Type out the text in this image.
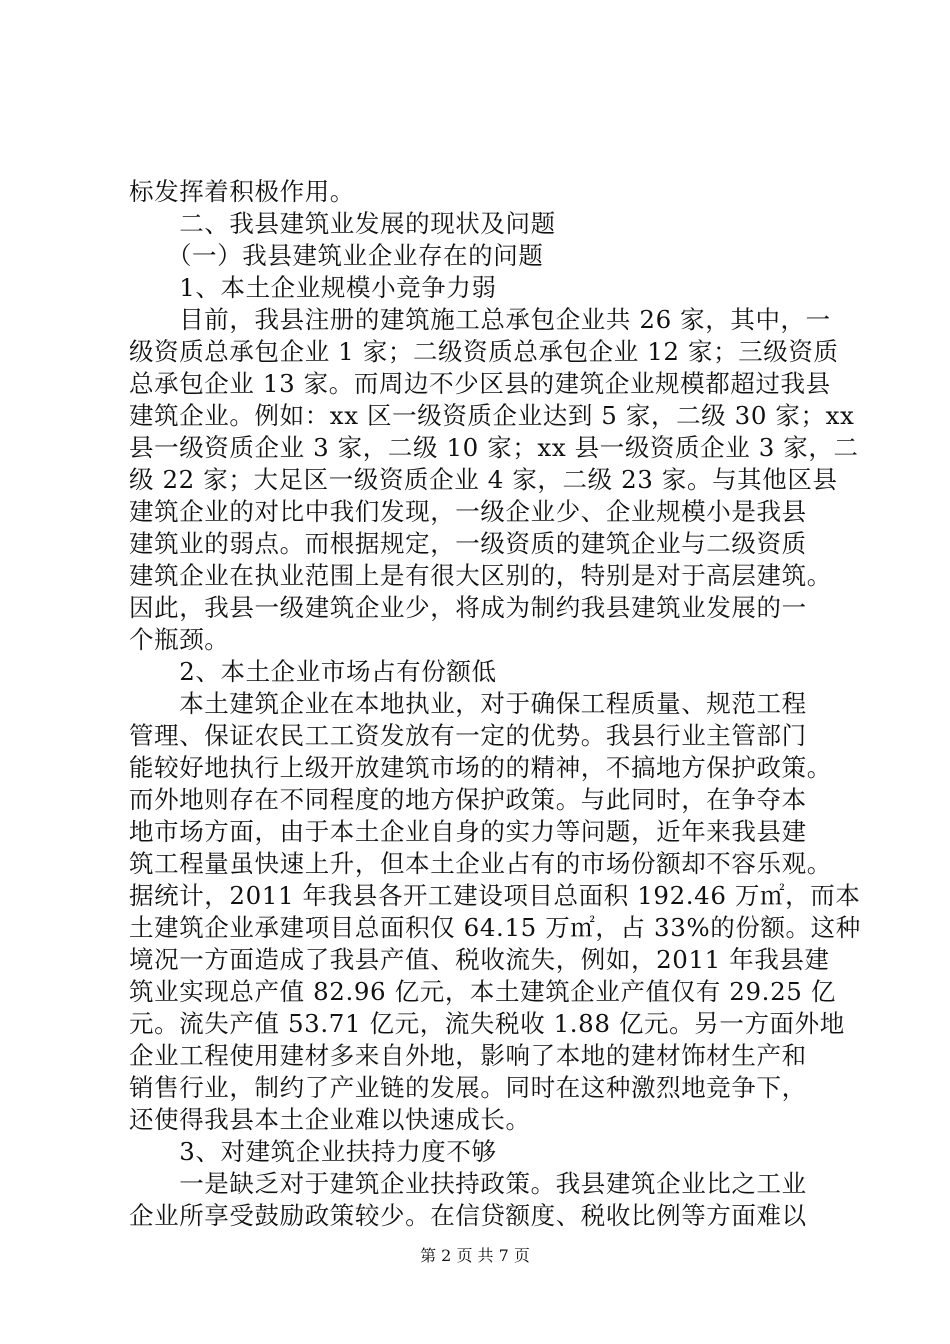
标发挥着积极作用。
　　二、我县建筑业发展的现状及问题
　　（一）我县建筑业企业存在的问题
　　1、本土企业规模小竞争力弱
　　目前，我县注册的建筑施工总承包企业共 26 家，其中，一
级资质总承包企业 1 家；二级资质总承包企业 12 家；三级资质
总承包企业 13 家。而周边不少区县的建筑企业规模都超过我县
建筑企业。例如：xx 区一级资质企业达到 5 家，二级 30 家；xx
县一级资质企业 3 家，二级 10 家；xx 县一级资质企业 3 家，二
级 22 家；大足区一级资质企业 4 家，二级 23 家。与其他区县
建筑企业的对比中我们发现，一级企业少、企业规模小是我县
建筑业的弱点。而根据规定，一级资质的建筑企业与二级资质
建筑企业在执业范围上是有很大区别的，特别是对于高层建筑。
因此，我县一级建筑企业少，将成为制约我县建筑业发展的一
个瓶颈。
　　2、本土企业市场占有份额低
　　本土建筑企业在本地执业，对于确保工程质量、规范工程
管理、保证农民工工资发放有一定的优势。我县行业主管部门
能较好地执行上级开放建筑市场的的精神，不搞地方保护政策。
而外地则存在不同程度的地方保护政策。与此同时，在争夺本
地市场方面，由于本土企业自身的实力等问题，近年来我县建
筑工程量虽快速上升，但本土企业占有的市场份额却不容乐观。
据统计，2011 年我县各开工建设项目总面积 192.46 万㎡，而本
土建筑企业承建项目总面积仅 64.15 万㎡，占 33%的份额。这种
境况一方面造成了我县产值、税收流失，例如，2011 年我县建
筑业实现总产值 82.96 亿元，本土建筑企业产值仅有 29.25 亿
元。流失产值 53.71 亿元，流失税收 1.88 亿元。另一方面外地
企业工程使用建材多来自外地，影响了本地的建材饰材生产和
销售行业，制约了产业链的发展。同时在这种激烈地竞争下，
还使得我县本土企业难以快速成长。
　　3、对建筑企业扶持力度不够
　　一是缺乏对于建筑企业扶持政策。我县建筑企业比之工业
企业所享受鼓励政策较少。在信贷额度、税收比例等方面难以
第 2 页 共 7 页
